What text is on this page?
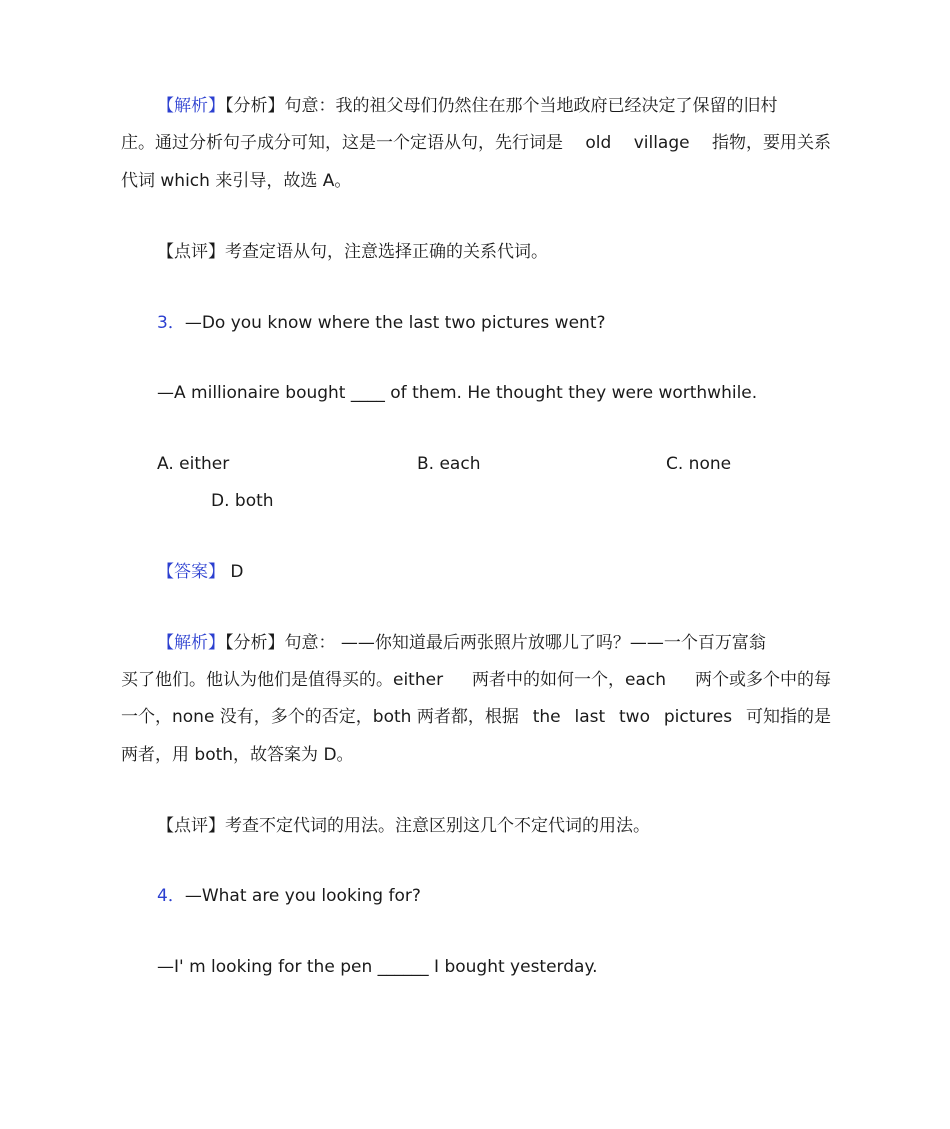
【解析】【分析】句意：我的祖父母们仍然住在那个当地政府已经决定了保留的旧村
庄。通过分析句子成分可知，这是一个定语从句，先行词是 old village 指物，要用关系
代词 which 来引导，故选 A。
【点评】考查定语从句，注意选择正确的关系代词。
3．—Do you know where the last two pictures went?
—A millionaire bought ____ of them. He thought they were worthwhile.
A. either	B. each	C. none
D. both
【答案】 D
【解析】【分析】句意： ——你知道最后两张照片放哪儿了吗？——一个百万富翁
买了他们。他认为他们是值得买的。either 两者中的如何一个，each 两个或多个中的每
一个，none 没有，多个的否定，both 两者都，根据 the last two pictures 可知指的是
两者，用 both，故答案为 D。
【点评】考查不定代词的用法。注意区别这几个不定代词的用法。
4．—What are you looking for?
—I' m looking for the pen ______ I bought yesterday.
